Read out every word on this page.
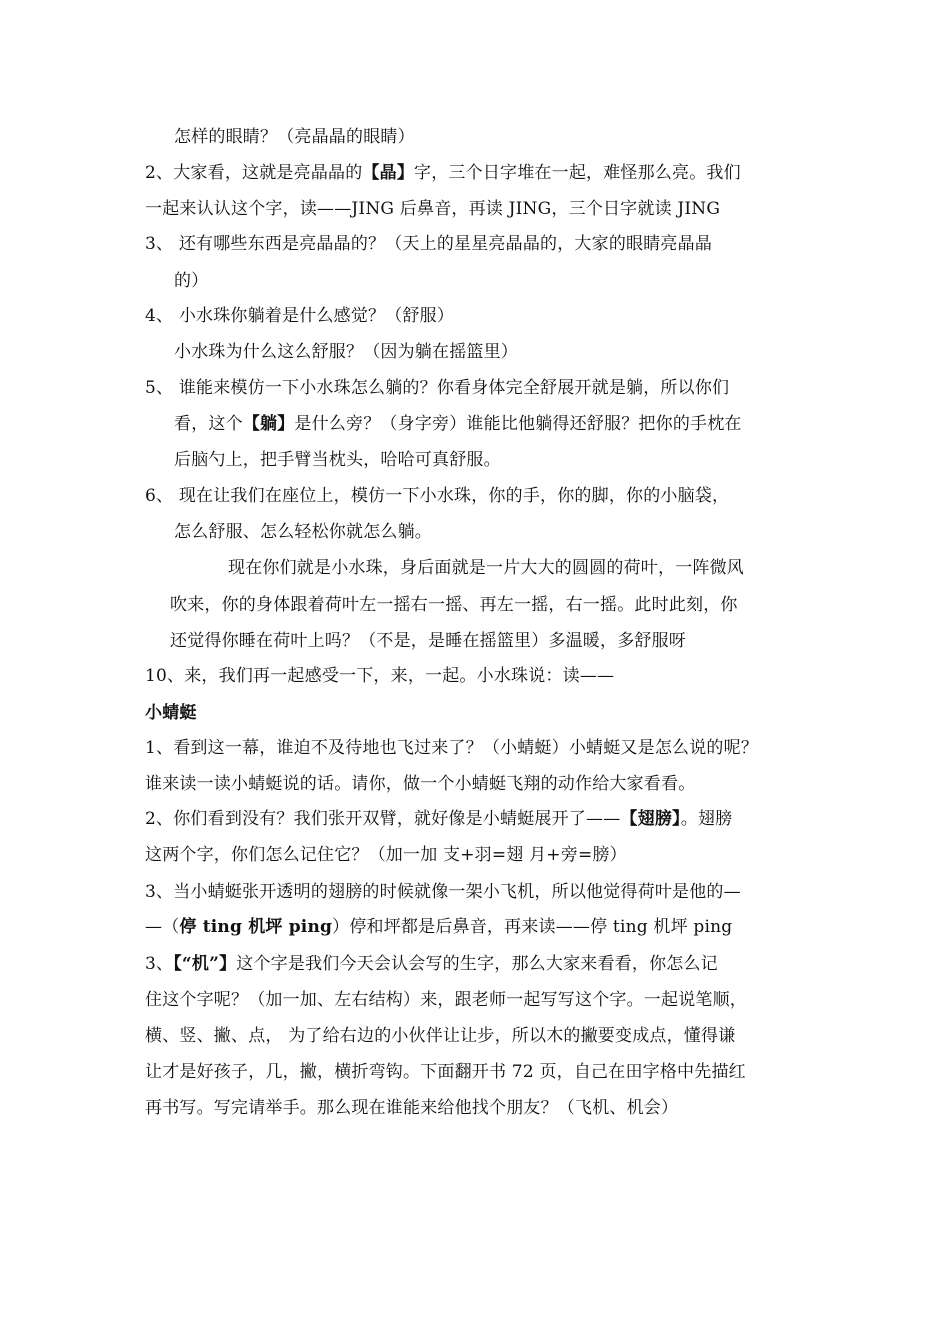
怎样的眼睛？（亮晶晶的眼睛）
2、大家看，这就是亮晶晶的【晶】字，三个日字堆在一起，难怪那么亮。我们
一起来认认这个字，读——JING 后鼻音，再读 JING，三个日字就读 JING
3、 还有哪些东西是亮晶晶的？（天上的星星亮晶晶的，大家的眼睛亮晶晶
的）
4、 小水珠你躺着是什么感觉？（舒服）
小水珠为什么这么舒服？（因为躺在摇篮里）
5、 谁能来模仿一下小水珠怎么躺的？你看身体完全舒展开就是躺，所以你们
看，这个【躺】是什么旁？（身字旁）谁能比他躺得还舒服？把你的手枕在
后脑勺上，把手臂当枕头，哈哈可真舒服。
6、 现在让我们在座位上，模仿一下小水珠，你的手，你的脚，你的小脑袋，
怎么舒服、怎么轻松你就怎么躺。
现在你们就是小水珠，身后面就是一片大大的圆圆的荷叶，一阵微风
吹来，你的身体跟着荷叶左一摇右一摇、再左一摇，右一摇。此时此刻，你
还觉得你睡在荷叶上吗？（不是，是睡在摇篮里）多温暖，多舒服呀
10、来，我们再一起感受一下，来，一起。小水珠说：读——
小蜻蜓
1、看到这一幕，谁迫不及待地也飞过来了？（小蜻蜓）小蜻蜓又是怎么说的呢？
谁来读一读小蜻蜓说的话。请你，做一个小蜻蜓飞翔的动作给大家看看。
2、你们看到没有？我们张开双臂，就好像是小蜻蜓展开了——【翅膀】。翅膀
这两个字，你们怎么记住它？（加一加 支+羽=翅 月+旁=膀）
3、当小蜻蜓张开透明的翅膀的时候就像一架小飞机，所以他觉得荷叶是他的—
—（停 ting 机坪 ping）停和坪都是后鼻音，再来读——停 ting 机坪 ping
3、【“机”】这个字是我们今天会认会写的生字，那么大家来看看，你怎么记
住这个字呢？（加一加、左右结构）来，跟老师一起写写这个字。一起说笔顺，
横、竖、撇、点， 为了给右边的小伙伴让让步，所以木的撇要变成点，懂得谦
让才是好孩子，几，撇，横折弯钩。下面翻开书 72 页，自己在田字格中先描红
再书写。写完请举手。那么现在谁能来给他找个朋友？（飞机、机会）
